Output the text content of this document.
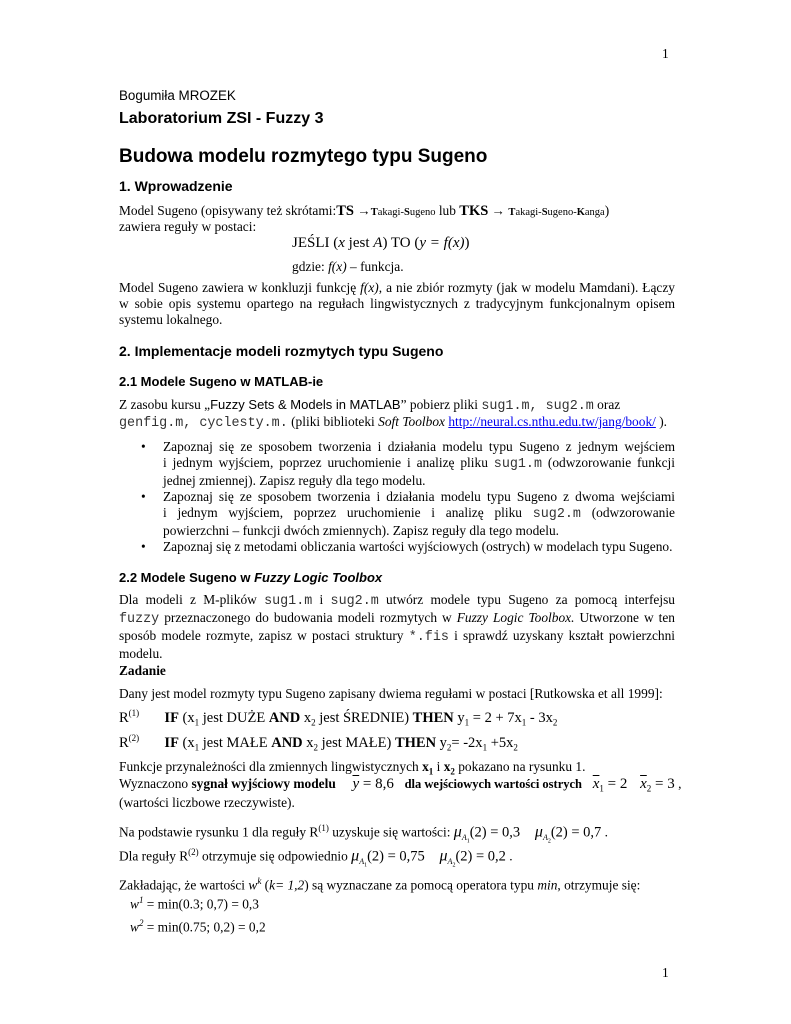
1
Bogumiła MROZEK
Laboratorium ZSI - Fuzzy 3
Budowa modelu rozmytego typu Sugeno
1. Wprowadzenie
Model Sugeno (opisywany też skrótami:TS →Takagi-Sugeno lub TKS → Takagi-Sugeno-Kanga)
zawiera reguły w postaci:
JEŚLI (x jest A) TO (y = f(x))
gdzie: f(x) – funkcja.
Model Sugeno zawiera w konkluzji funkcję f(x), a nie zbiór rozmyty (jak w modelu Mamdani). Łączy
w sobie opis systemu opartego na regułach lingwistycznych z tradycyjnym funkcjonalnym opisem
systemu lokalnego.
2. Implementacje modeli rozmytych typu Sugeno
2.1 Modele Sugeno w MATLAB-ie
Z zasobu kursu „Fuzzy Sets & Models in MATLAB” pobierz pliki sug1.m, sug2.m oraz
genfig.m, cyclesty.m. (pliki biblioteki Soft Toolbox http://neural.cs.nthu.edu.tw/jang/book/ ).
• Zapoznaj się ze sposobem tworzenia i działania modelu typu Sugeno z jednym wejściem
i jednym wyjściem, poprzez uruchomienie i analizę pliku sug1.m (odwzorowanie funkcji
jednej zmiennej). Zapisz reguły dla tego modelu.
• Zapoznaj się ze sposobem tworzenia i działania modelu typu Sugeno z dwoma wejściami
i jednym wyjściem, poprzez uruchomienie i analizę pliku sug2.m (odwzorowanie
powierzchni – funkcji dwóch zmiennych). Zapisz reguły dla tego modelu.
• Zapoznaj się z metodami obliczania wartości wyjściowych (ostrych) w modelach typu Sugeno.
2.2 Modele Sugeno w Fuzzy Logic Toolbox
Dla modeli z M-plików sug1.m i sug2.m utwórz modele typu Sugeno za pomocą interfejsu
fuzzy przeznaczonego do budowania modeli rozmytych w Fuzzy Logic Toolbox. Utworzone w ten
sposób modele rozmyte, zapisz w postaci struktury *.fis i sprawdź uzyskany kształt powierzchni
modelu.
Zadanie
Dany jest model rozmyty typu Sugeno zapisany dwiema regułami w postaci [Rutkowska et all 1999]:
$R^{(1)}$ IF ($x_1$ jest DUŻE AND $x_2$ jest ŚREDNIE) THEN $y_1 = 2 + 7x_1 - 3x_2$
$R^{(2)}$ IF ($x_1$ jest MAŁE AND $x_2$ jest MAŁE) THEN $y_2= -2x_1 +5x_2$
Funkcje przynależności dla zmiennych lingwistycznych $x_1$ i $x_2$ pokazano na rysunku 1.
Wyznaczono sygnał wyjściowy modelu $\overline{y} = 8,6$ dla wejściowych wartości ostrych $\overline{x}_1 = 2$ $\overline{x}_2 = 3$ ,
(wartości liczbowe rzeczywiste).
Na podstawie rysunku 1 dla reguły $R^{(1)}$ uzyskuje się wartości: $\mu_{A_1}(2) = 0,3$ $\mu_{A_2}(2) = 0,7$ .
Dla reguły $R^{(2)}$ otrzymuje się odpowiednio $\mu_{A_1}(2) = 0,75$ $\mu_{A_2}(2) = 0,2$ .
Zakładając, że wartości $w^k$ (k= 1,2) są wyznaczane za pomocą operatora typu min, otrzymuje się:
$w^1 = \min(0.3$; 0,7) = 0,3
$w^2 = \min(0.75$; 0,2) = 0,2
1
